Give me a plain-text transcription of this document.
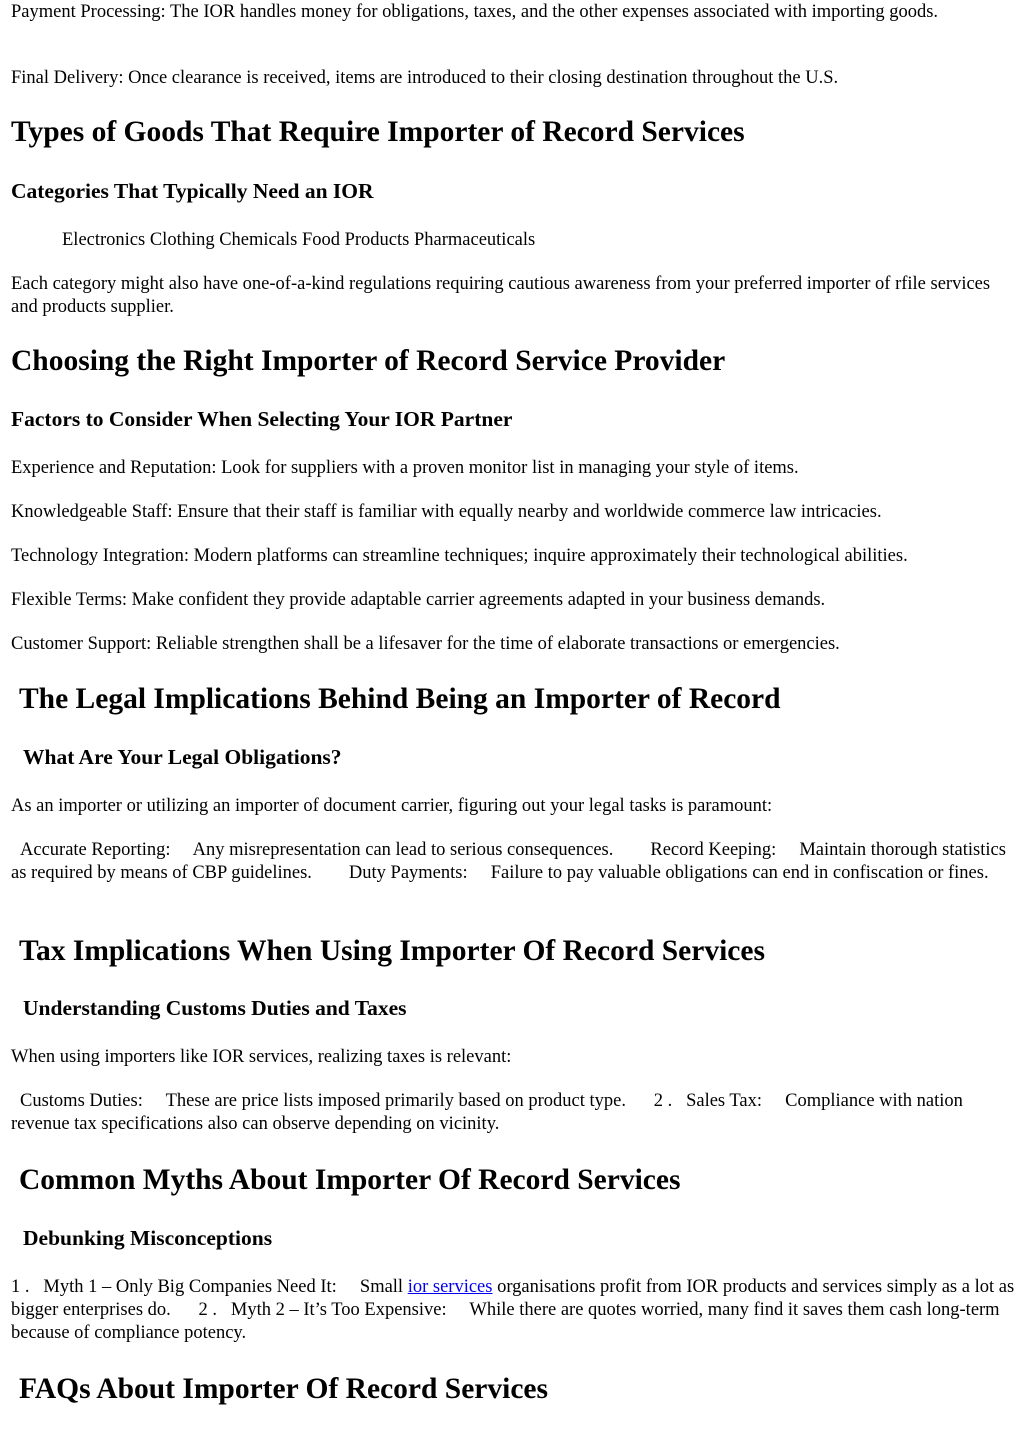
Payment Processing: The IOR handles money for obligations, taxes, and the other expenses associated with importing goods.

Final Delivery: Once clearance is received, items are introduced to their closing destination throughout the U.S.

Types of Goods That Require Importer of Record Services
Categories That Typically Need an IOR

Electronics Clothing Chemicals Food Products Pharmaceuticals

Each category might also have one-of-a-kind regulations requiring cautious awareness from your preferred importer of rfile services and products supplier.

Choosing the Right Importer of Record Service Provider
Factors to Consider When Selecting Your IOR Partner

Experience and Reputation: Look for suppliers with a proven monitor list in managing your style of items.

Knowledgeable Staff: Ensure that their staff is familiar with equally nearby and worldwide commerce law intricacies.

Technology Integration: Modern platforms can streamline techniques; inquire approximately their technological abilities.

Flexible Terms: Make confident they provide adaptable carrier agreements adapted in your business demands.

Customer Support: Reliable strengthen shall be a lifesaver for the time of elaborate transactions or emergencies.

The Legal Implications Behind Being an Importer of Record
What Are Your Legal Obligations?

As an importer or utilizing an importer of document carrier, figuring out your legal tasks is paramount:

Accurate Reporting:     Any misrepresentation can lead to serious consequences.        Record Keeping:     Maintain thorough statistics as required by means of CBP guidelines.        Duty Payments:     Failure to pay valuable obligations can end in confiscation or fines.

Tax Implications When Using Importer Of Record Services
Understanding Customs Duties and Taxes

When using importers like IOR services, realizing taxes is relevant:

Customs Duties:     These are price lists imposed primarily based on product type.      2 .   Sales Tax:     Compliance with nation revenue tax specifications also can observe depending on vicinity.

Common Myths About Importer Of Record Services
Debunking Misconceptions

1 .   Myth 1 – Only Big Companies Need It:     Small ior services organisations profit from IOR products and services simply as a lot as bigger enterprises do.      2 .   Myth 2 – It’s Too Expensive:     While there are quotes worried, many find it saves them cash long-term because of compliance potency.

FAQs About Importer Of Record Services
